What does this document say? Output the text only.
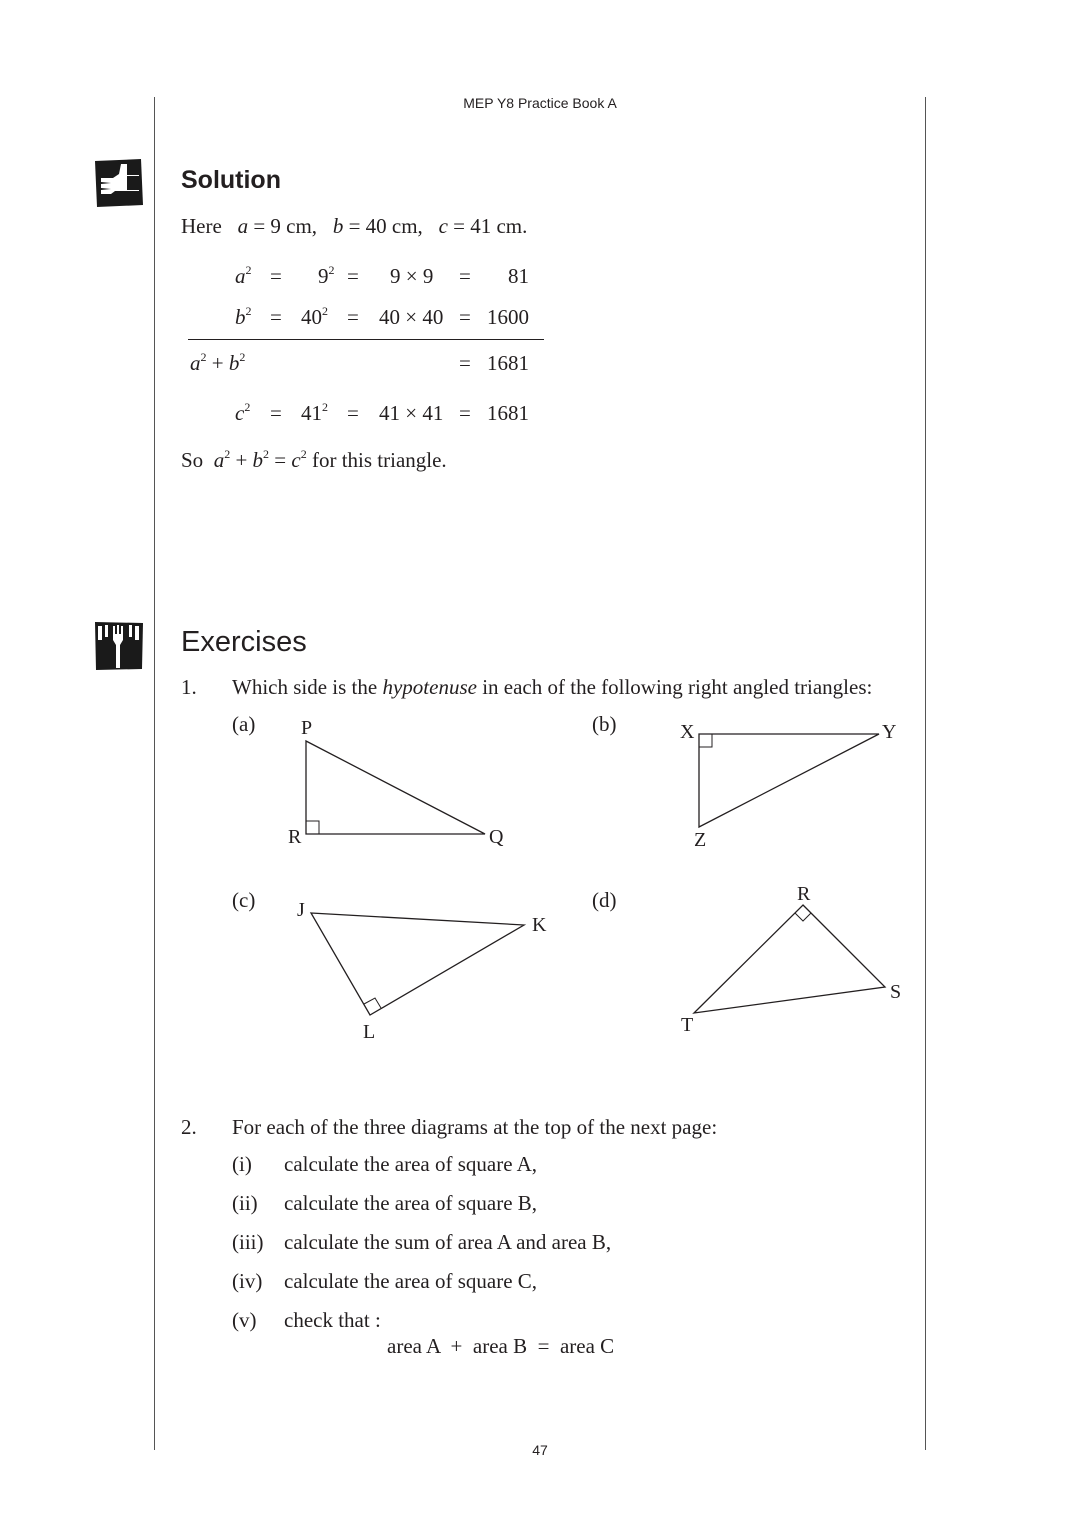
MEP Y8 Practice Book A
Solution
Here a = 9 cm, b = 40 cm, c = 41 cm.
$a^2 = 9^2 = 9 \times 9 = 81$
$b^2 = 40^2 = 40 \times 40 = 1600$
$a^2 + b^2$	= 1681
$c^2 = 41^2 = 41 \times 41 = 1681$
So $a^2 + b^2 = c^2$ for this triangle.
Exercises
1. Which side is the hypotenuse in each of the following right angled triangles:
(a) P
R	Q
(b)	X	Y
Z
(c) J
K
L
(d)	R
S
T
2. For each of the three diagrams at the top of the next page:
(i) calculate the area of square A,
(ii) calculate the area of square B,
(iii) calculate the sum of area A and area B,
(iv) calculate the area of square C,
(v) check that :
area A  +  area B  =  area C
47
